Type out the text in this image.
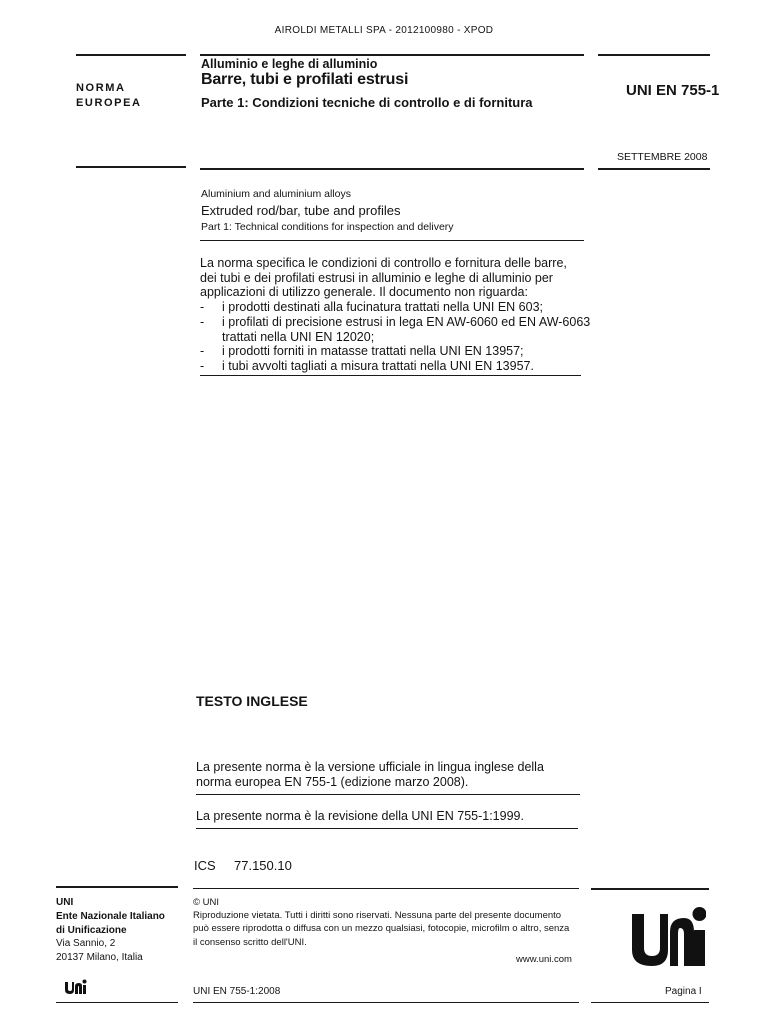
AIROLDI METALLI SPA - 2012100980 - XPOD
NORMA
EUROPEA
Alluminio e leghe di alluminio
Barre, tubi e profilati estrusi
Parte 1: Condizioni tecniche di controllo e di fornitura
UNI EN 755-1
SETTEMBRE 2008
Aluminium and aluminium alloys
Extruded rod/bar, tube and profiles
Part 1: Technical conditions for inspection and delivery
La norma specifica le condizioni di controllo e fornitura delle barre,
dei tubi e dei profilati estrusi in alluminio e leghe di alluminio per
applicazioni di utilizzo generale. Il documento non riguarda:
- i prodotti destinati alla fucinatura trattati nella UNI EN 603;
- i profilati di precisione estrusi in lega EN AW-6060 ed EN AW-6063
trattati nella UNI EN 12020;
- i prodotti forniti in matasse trattati nella UNI EN 13957;
- i tubi avvolti tagliati a misura trattati nella UNI EN 13957.
TESTO INGLESE
La presente norma è la versione ufficiale in lingua inglese della
norma europea EN 755-1 (edizione marzo 2008).
La presente norma è la revisione della UNI EN 755-1:1999.
ICS 77.150.10
UNI
Ente Nazionale Italiano
di Unificazione
Via Sannio, 2
20137 Milano, Italia
© UNI
Riproduzione vietata. Tutti i diritti sono riservati. Nessuna parte del presente documento
può essere riprodotta o diffusa con un mezzo qualsiasi, fotocopie, microfilm o altro, senza
il consenso scritto dell'UNI.
www.uni.com
UNI EN 755-1:2008	Pagina I
